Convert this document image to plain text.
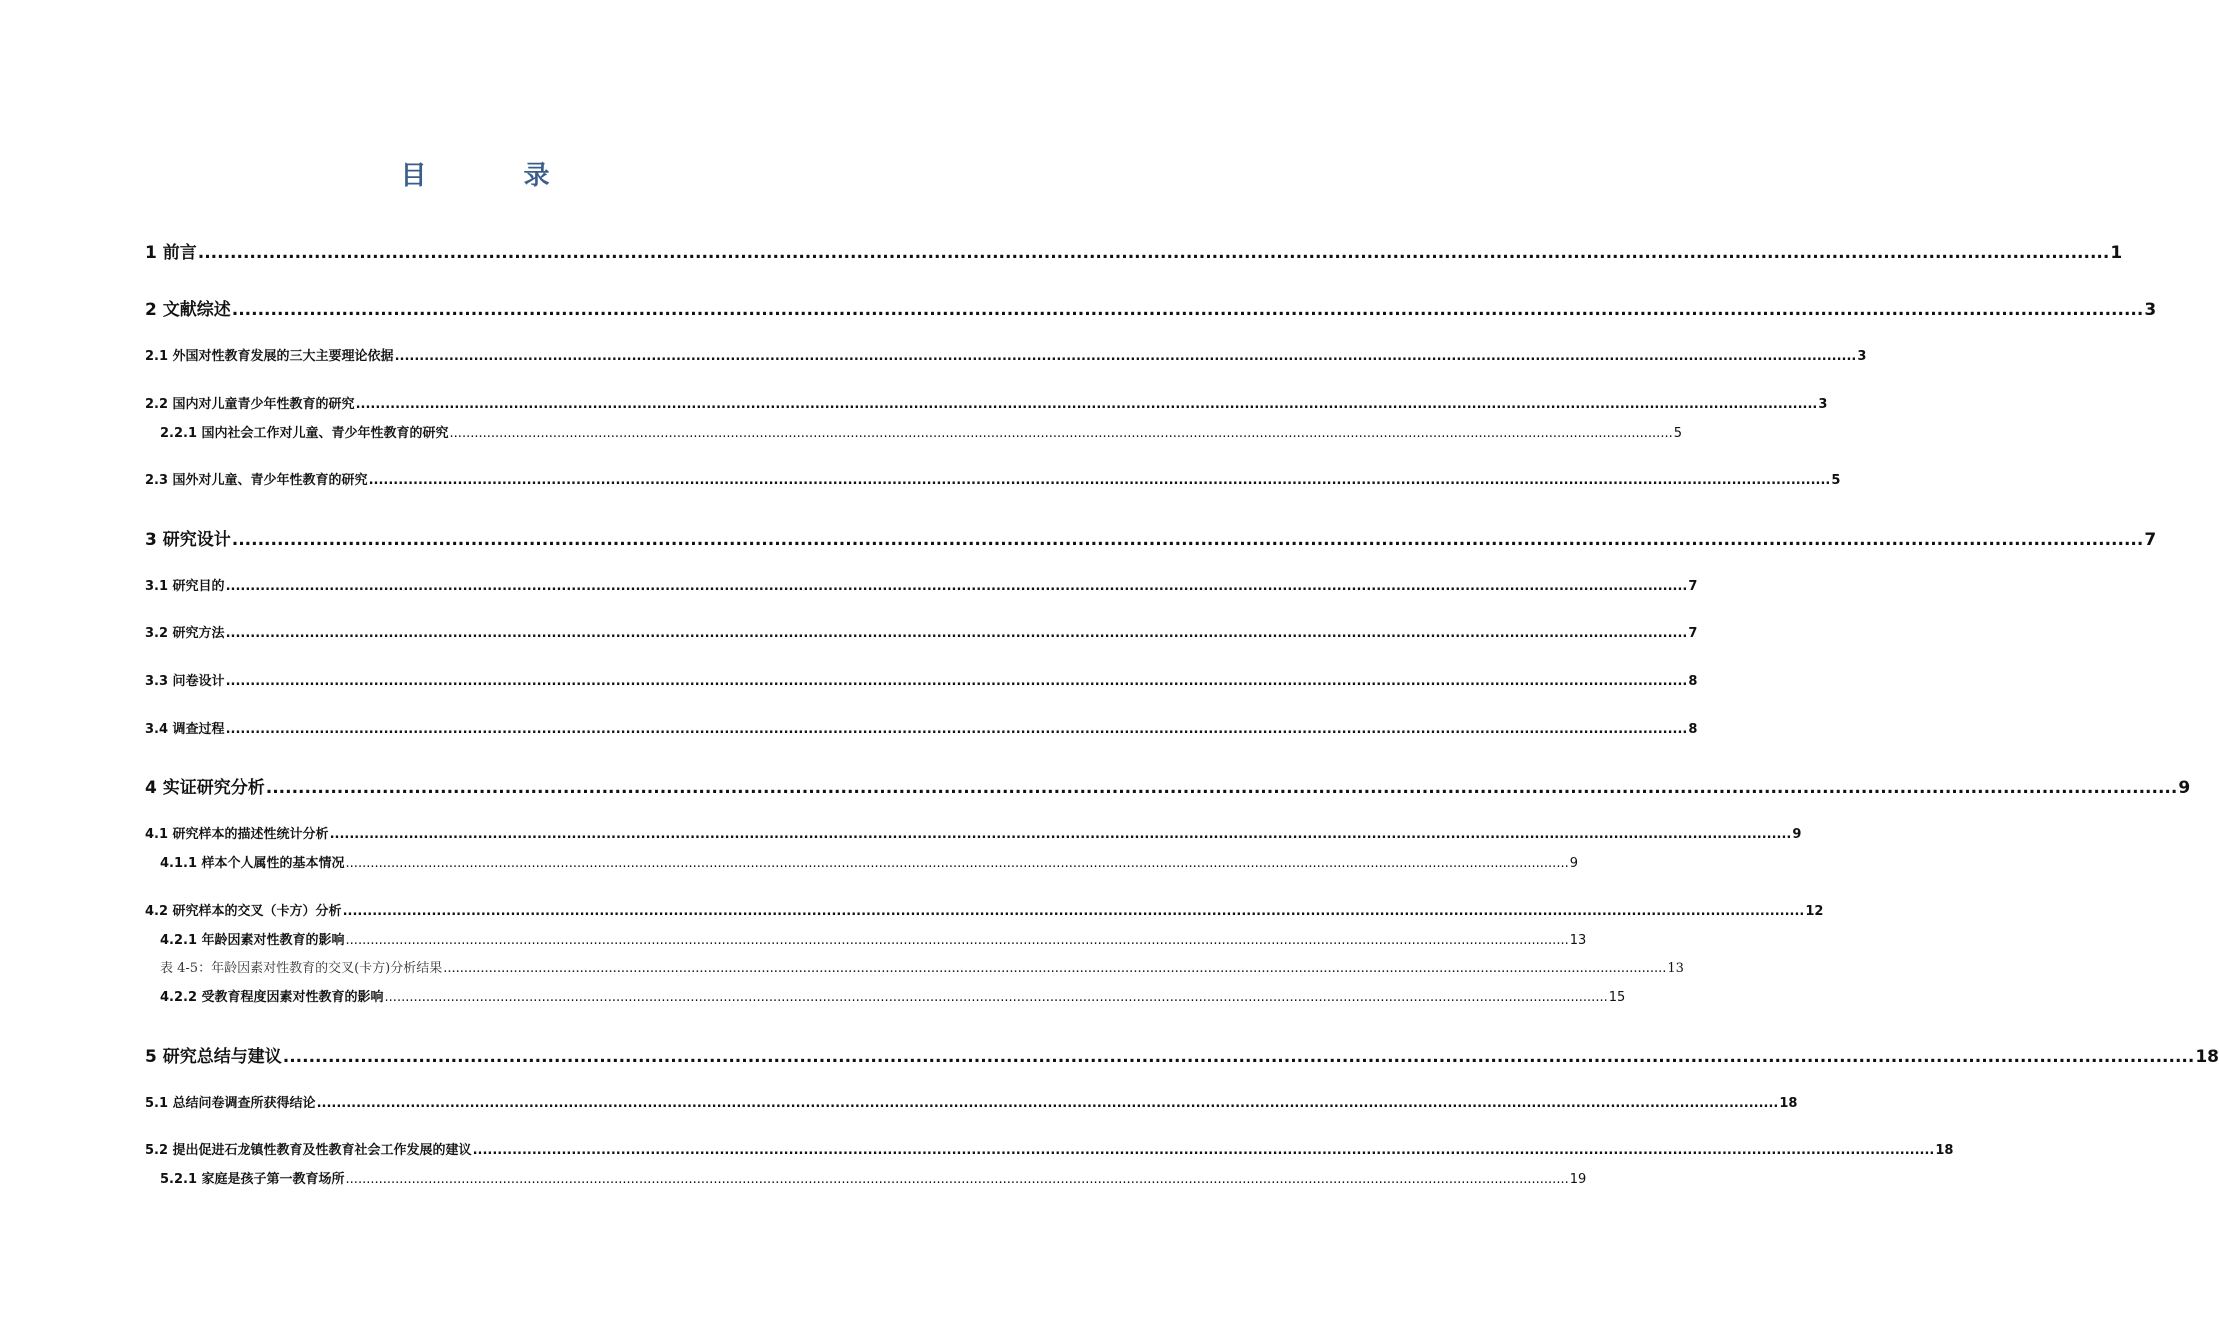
目 录
1 前言 ........................................................................................................................................................................................................................................................................................................ 1
2 文献综述 ........................................................................................................................................................................................................................................................................................................ 3
2.1 外国对性教育发展的三大主要理论依据 ........................................................................................................................................................................................................................................................................................................ 3
2.2 国内对儿童青少年性教育的研究 ........................................................................................................................................................................................................................................................................................................ 3
2.2.1 国内社会工作对儿童、青少年性教育的研究 ........................................................................................................................................................................................................................................................................................................ 5
2.3 国外对儿童、青少年性教育的研究 ........................................................................................................................................................................................................................................................................................................ 5
3 研究设计 ........................................................................................................................................................................................................................................................................................................ 7
3.1 研究目的 ........................................................................................................................................................................................................................................................................................................ 7
3.2 研究方法 ........................................................................................................................................................................................................................................................................................................ 7
3.3 问卷设计 ........................................................................................................................................................................................................................................................................................................ 8
3.4 调查过程 ........................................................................................................................................................................................................................................................................................................ 8
4 实证研究分析 ........................................................................................................................................................................................................................................................................................................ 9
4.1 研究样本的描述性统计分析 ........................................................................................................................................................................................................................................................................................................ 9
4.1.1 样本个人属性的基本情况 ........................................................................................................................................................................................................................................................................................................ 9
4.2 研究样本的交叉（卡方）分析 ........................................................................................................................................................................................................................................................................................................ 12
4.2.1 年龄因素对性教育的影响 ........................................................................................................................................................................................................................................................................................................ 13
表 4-5：年龄因素对性教育的交叉(卡方)分析结果 ........................................................................................................................................................................................................................................................................................................ 13
4.2.2 受教育程度因素对性教育的影响 ........................................................................................................................................................................................................................................................................................................ 15
5 研究总结与建议 ........................................................................................................................................................................................................................................................................................................ 18
5.1 总结问卷调查所获得结论 ........................................................................................................................................................................................................................................................................................................ 18
5.2 提出促进石龙镇性教育及性教育社会工作发展的建议 ........................................................................................................................................................................................................................................................................................................ 18
5.2.1 家庭是孩子第一教育场所 ........................................................................................................................................................................................................................................................................................................ 19
